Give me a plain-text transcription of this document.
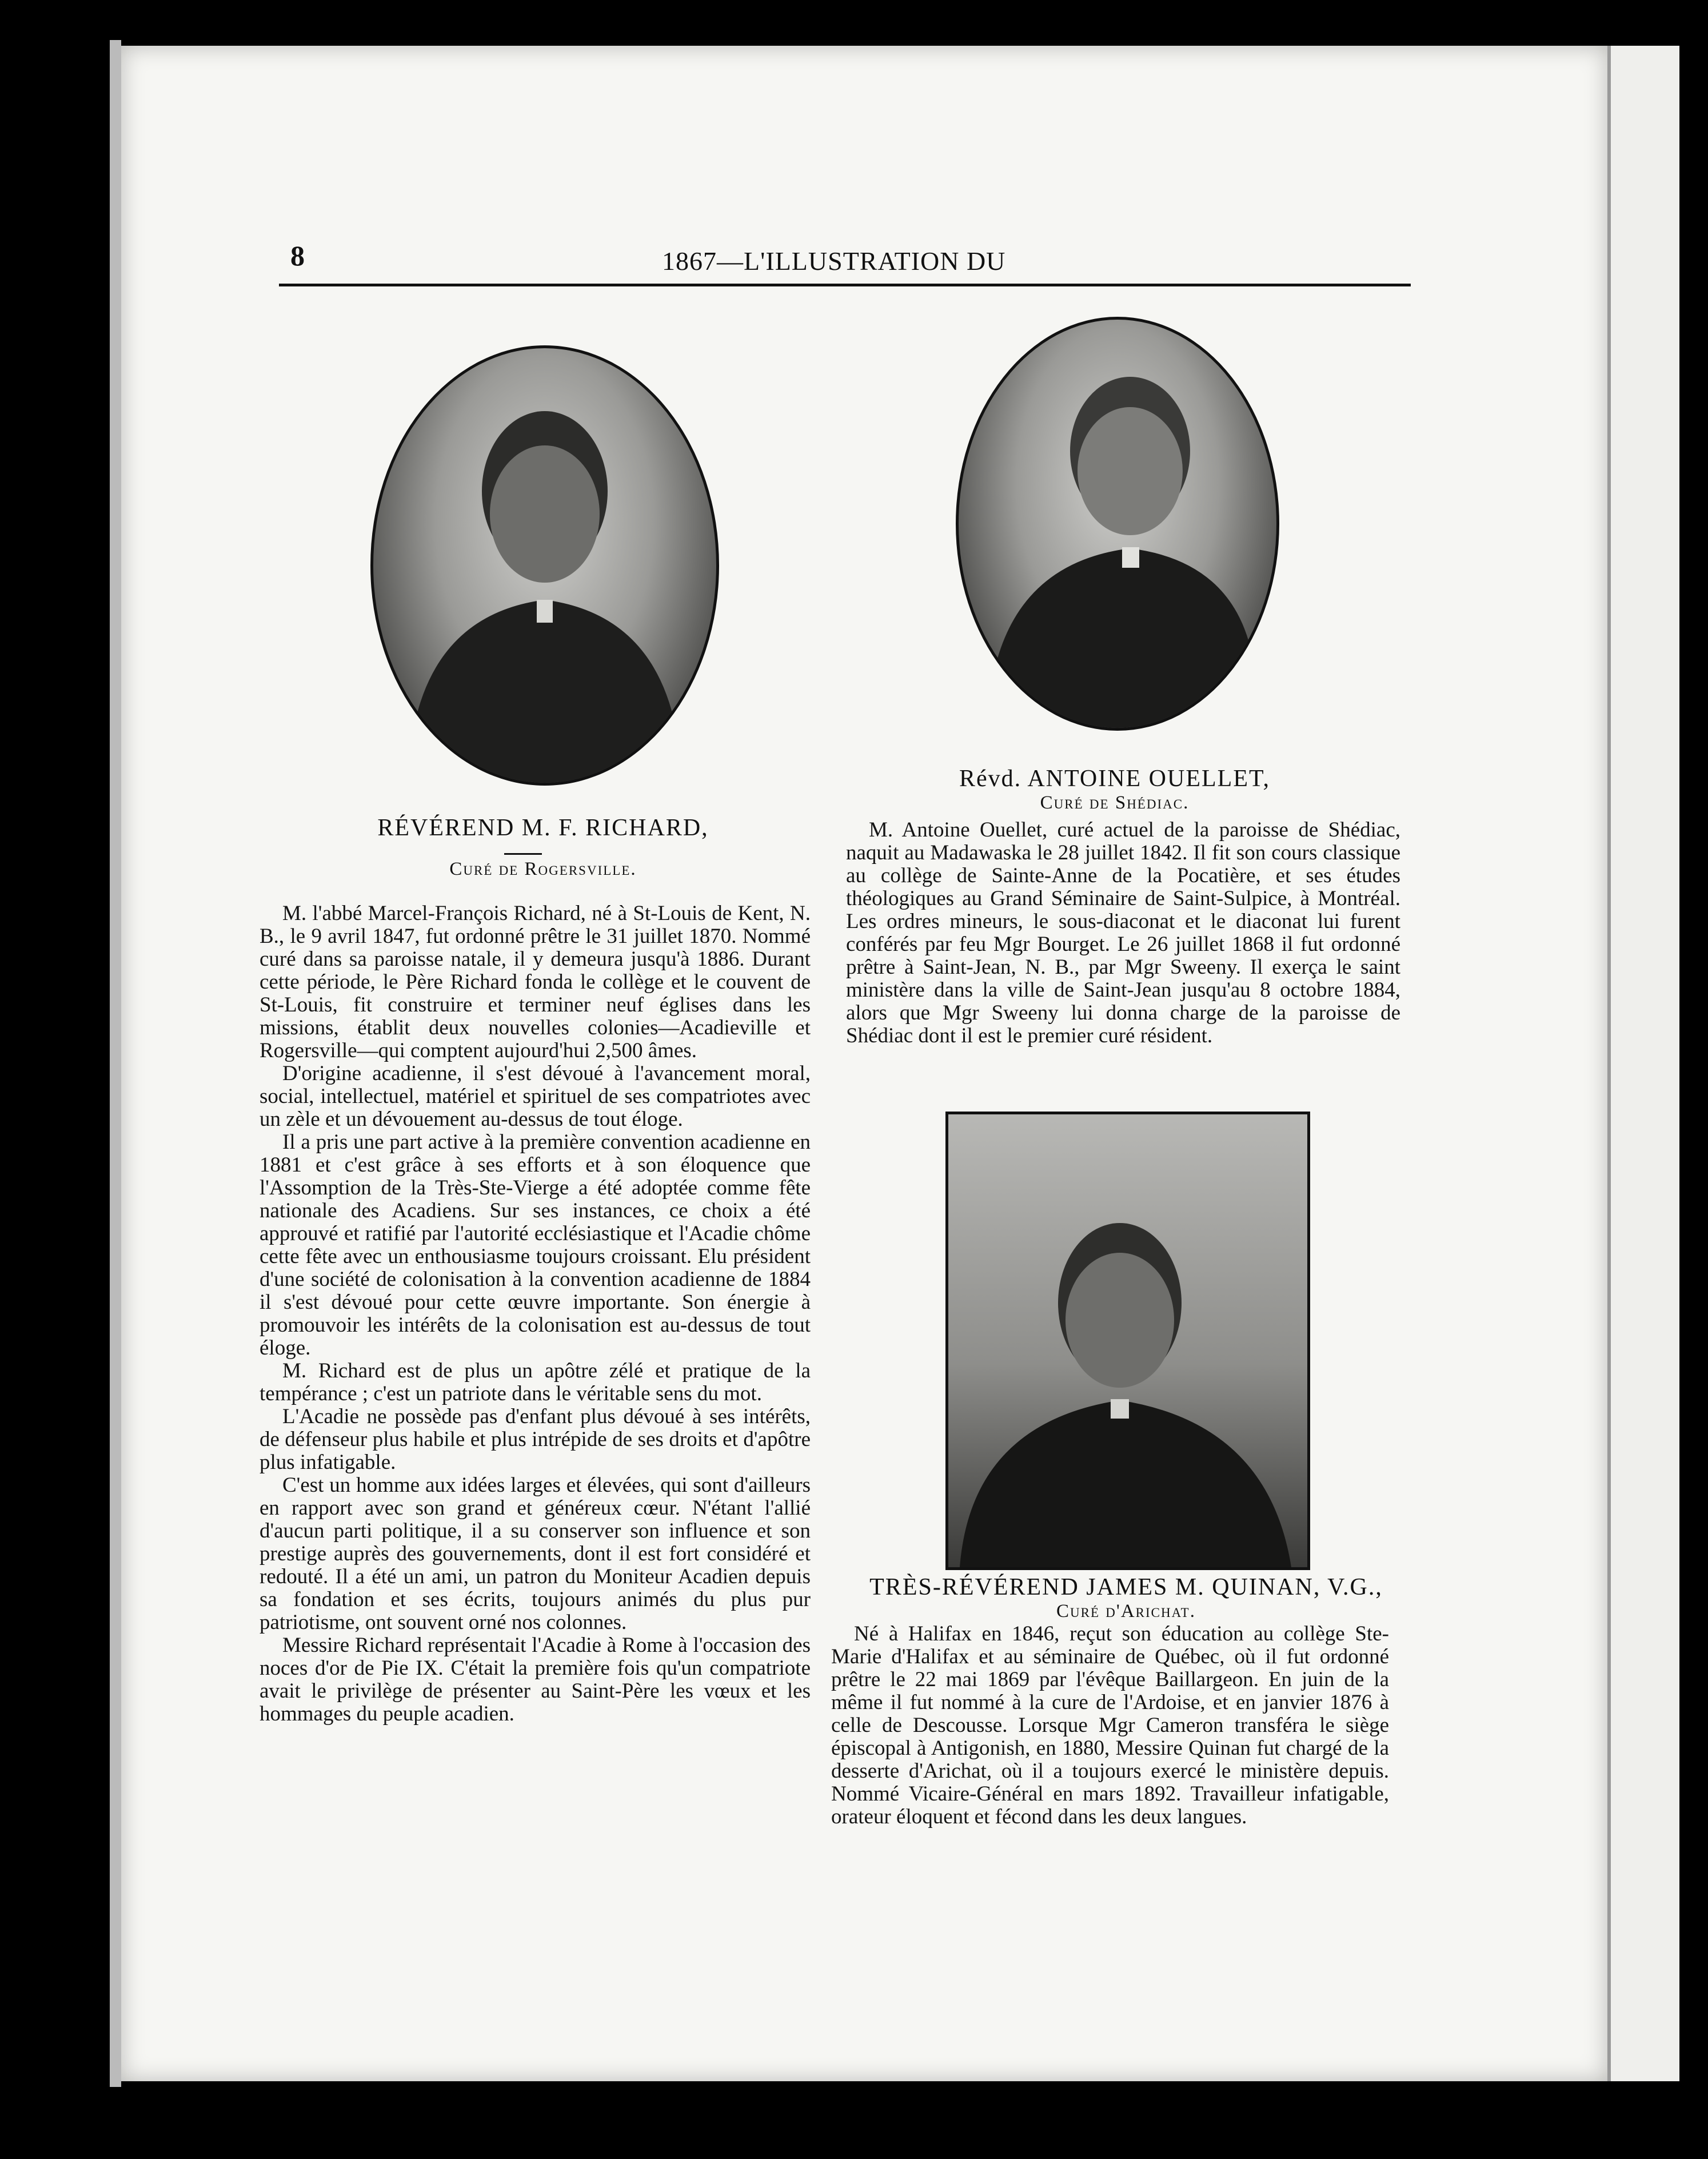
8	1867—L'ILLUSTRATION DU
RÉVÉREND M. F. RICHARD,
Curé de Rogersville.
Révd. ANTOINE OUELLET,
Curé de Shédiac.
TRÈS-RÉVÉREND JAMES M. QUINAN, V.G.,
Curé d'Arichat.

M. l'abbé Marcel-François Richard, né à St-Louis de Kent, N. B., le 9 avril 1847, fut ordonné prêtre le 31 juillet 1870. Nommé curé dans sa paroisse natale, il y demeura jusqu'à 1886. Durant cette période, le Père Richard fonda le collège et le couvent de St-Louis, fit construire et terminer neuf églises dans les missions, établit deux nouvelles colonies—Acadieville et Rogersville—qui comptent aujourd'hui 2,500 âmes.

D'origine acadienne, il s'est dévoué à l'avancement moral, social, intellectuel, matériel et spirituel de ses compatriotes avec un zèle et un dévouement au-dessus de tout éloge.

Il a pris une part active à la première convention acadienne en 1881 et c'est grâce à ses efforts et à son éloquence que l'Assomption de la Très-Ste-Vierge a été adoptée comme fête nationale des Acadiens. Sur ses instances, ce choix a été approuvé et ratifié par l'autorité ecclésiastique et l'Acadie chôme cette fête avec un enthousiasme toujours croissant. Elu président d'une société de colonisation à la convention acadienne de 1884 il s'est dévoué pour cette œuvre importante. Son énergie à promouvoir les intérêts de la colonisation est au-dessus de tout éloge.

M. Richard est de plus un apôtre zélé et pratique de la tempérance ; c'est un patriote dans le véritable sens du mot.

L'Acadie ne possède pas d'enfant plus dévoué à ses intérêts, de défenseur plus habile et plus intrépide de ses droits et d'apôtre plus infatigable.

C'est un homme aux idées larges et élevées, qui sont d'ailleurs en rapport avec son grand et généreux cœur. N'étant l'allié d'aucun parti politique, il a su conserver son influence et son prestige auprès des gouvernements, dont il est fort considéré et redouté. Il a été un ami, un patron du Moniteur Acadien depuis sa fondation et ses écrits, toujours animés du plus pur patriotisme, ont souvent orné nos colonnes.

Messire Richard représentait l'Acadie à Rome à l'occasion des noces d'or de Pie IX. C'était la première fois qu'un compatriote avait le privilège de présenter au Saint-Père les vœux et les hommages du peuple acadien.

M. Antoine Ouellet, curé actuel de la paroisse de Shédiac, naquit au Madawaska le 28 juillet 1842. Il fit son cours classique au collège de Sainte-Anne de la Pocatière, et ses études théologiques au Grand Séminaire de Saint-Sulpice, à Montréal. Les ordres mineurs, le sous-diaconat et le diaconat lui furent conférés par feu Mgr Bourget. Le 26 juillet 1868 il fut ordonné prêtre à Saint-Jean, N. B., par Mgr Sweeny. Il exerça le saint ministère dans la ville de Saint-Jean jusqu'au 8 octobre 1884, alors que Mgr Sweeny lui donna charge de la paroisse de Shédiac dont il est le premier curé résident.

Né à Halifax en 1846, reçut son éducation au collège Ste-Marie d'Halifax et au séminaire de Québec, où il fut ordonné prêtre le 22 mai 1869 par l'évêque Baillargeon. En juin de la même il fut nommé à la cure de l'Ardoise, et en janvier 1876 à celle de Descousse. Lorsque Mgr Cameron transféra le siège épiscopal à Antigonish, en 1880, Messire Quinan fut chargé de la desserte d'Arichat, où il a toujours exercé le ministère depuis. Nommé Vicaire-Général en mars 1892. Travailleur infatigable, orateur éloquent et fécond dans les deux langues.
